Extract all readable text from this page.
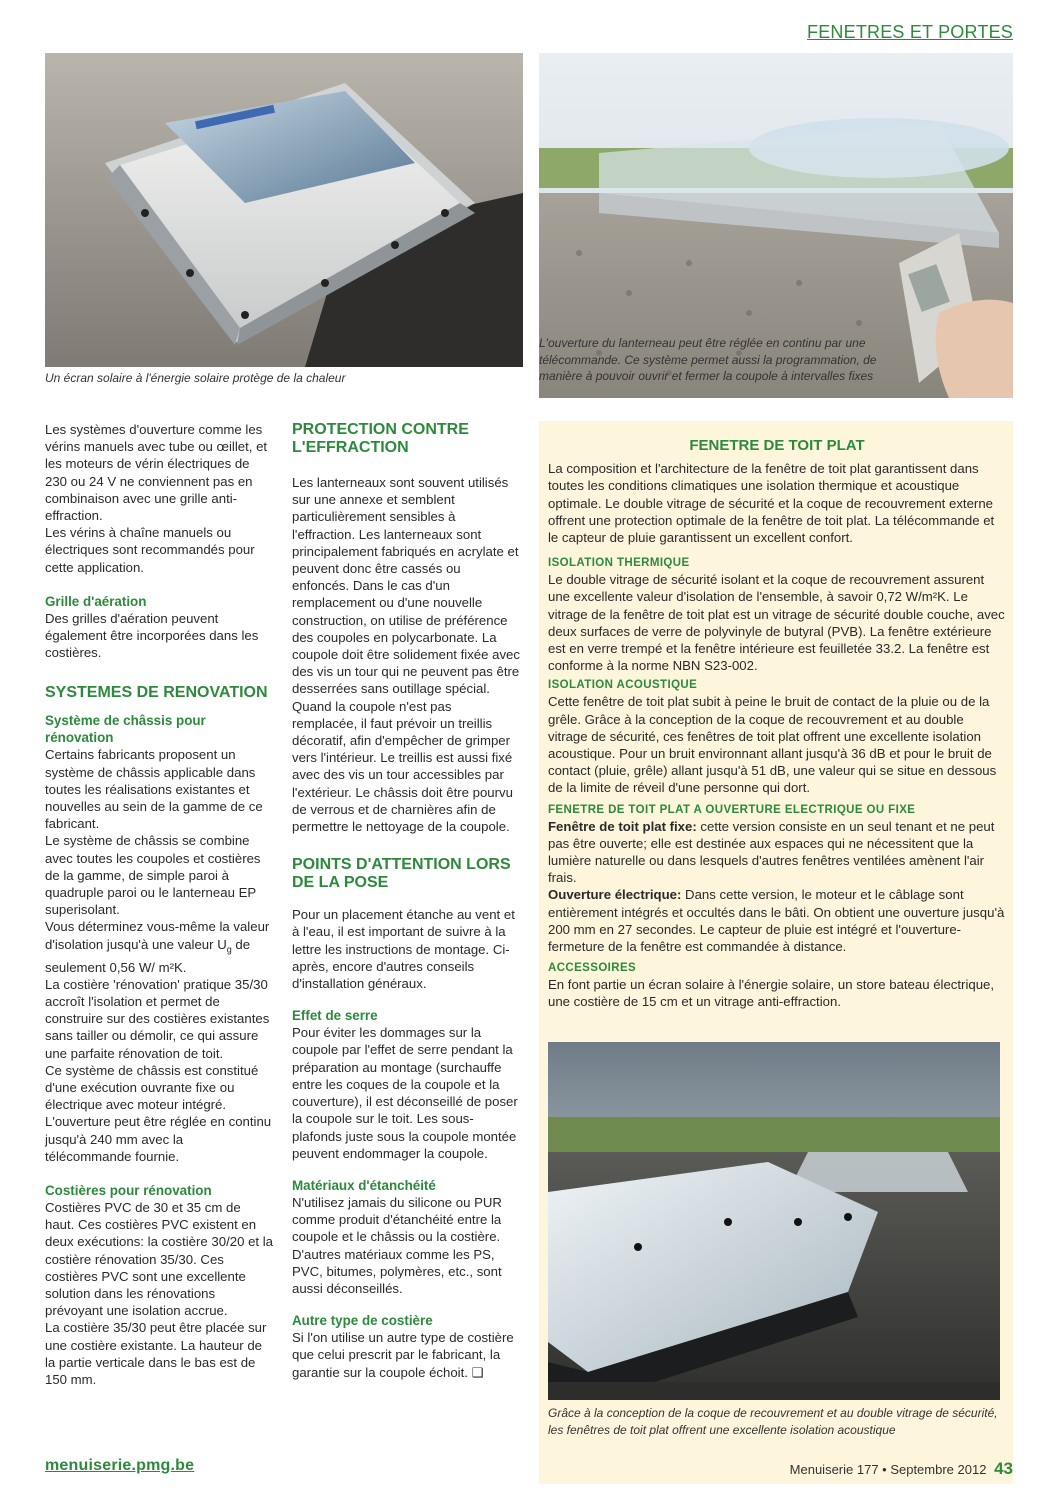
FENETRES ET PORTES
Un écran solaire à l'énergie solaire protège de la chaleur
L'ouverture du lanterneau peut être réglée en continu par une télécommande. Ce système permet aussi la programmation, de manière à pouvoir ouvrir et fermer la coupole à intervalles fixes

Les systèmes d'ouverture comme les vérins manuels avec tube ou œillet, et les moteurs de vérin électriques de 230 ou 24 V ne conviennent pas en combinaison avec une grille anti-effraction.

Les vérins à chaîne manuels ou électriques sont recommandés pour cette application.

Grille d'aération

Des grilles d'aération peuvent également être incorporées dans les costières.

SYSTEMES DE RENOVATION
Système de châssis pour rénovation

Certains fabricants proposent un système de châssis applicable dans toutes les réalisations existantes et nouvelles au sein de la gamme de ce fabricant.

Le système de châssis se combine avec toutes les coupoles et costières de la gamme, de simple paroi à quadruple paroi ou le lanterneau EP superisolant.

Vous déterminez vous-même la valeur d'isolation jusqu'à une valeur $U_g$ de seulement 0,56 W/ m²K.

La costière 'rénovation' pratique 35/30 accroît l'isolation et permet de construire sur des costières existantes sans tailler ou démolir, ce qui assure une parfaite rénovation de toit.

Ce système de châssis est constitué d'une exécution ouvrante fixe ou électrique avec moteur intégré.

L'ouverture peut être réglée en continu jusqu'à 240 mm avec la télécommande fournie.

Costières pour rénovation

Costières PVC de 30 et 35 cm de haut. Ces costières PVC existent en deux exécutions: la costière 30/20 et la costière rénovation 35/30. Ces costières PVC sont une excellente solution dans les rénovations prévoyant une isolation accrue.

La costière 35/30 peut être placée sur une costière existante. La hauteur de la partie verticale dans le bas est de 150 mm.

PROTECTION CONTRE L'EFFRACTION

Les lanterneaux sont souvent utilisés sur une annexe et semblent particulièrement sensibles à l'effraction. Les lanterneaux sont principalement fabriqués en acrylate et peuvent donc être cassés ou enfoncés. Dans le cas d'un remplacement ou d'une nouvelle construction, on utilise de préférence des coupoles en polycarbonate. La coupole doit être solidement fixée avec des vis un tour qui ne peuvent pas être desserrées sans outillage spécial. Quand la coupole n'est pas remplacée, il faut prévoir un treillis décoratif, afin d'empêcher de grimper vers l'intérieur. Le treillis est aussi fixé avec des vis un tour accessibles par l'extérieur. Le châssis doit être pourvu de verrous et de charnières afin de permettre le nettoyage de la coupole.

POINTS D'ATTENTION LORS DE LA POSE

Pour un placement étanche au vent et à l'eau, il est important de suivre à la lettre les instructions de montage. Ci-après, encore d'autres conseils d'installation généraux.

Effet de serre

Pour éviter les dommages sur la coupole par l'effet de serre pendant la préparation au montage (surchauffe entre les coques de la coupole et la couverture), il est déconseillé de poser la coupole sur le toit. Les sous-plafonds juste sous la coupole montée peuvent endommager la coupole.

Matériaux d'étanchéité

N'utilisez jamais du silicone ou PUR comme produit d'étanchéité entre la coupole et le châssis ou la costière. D'autres matériaux comme les PS, PVC, bitumes, polymères, etc., sont aussi déconseillés.

Autre type de costière

Si l'on utilise un autre type de costière que celui prescrit par le fabricant, la garantie sur la coupole échoit. ❑

FENETRE DE TOIT PLAT

La composition et l'architecture de la fenêtre de toit plat garantissent dans toutes les conditions climatiques une isolation thermique et acoustique optimale. Le double vitrage de sécurité et la coque de recouvrement externe offrent une protection optimale de la fenêtre de toit plat. La télécommande et le capteur de pluie garantissent un excellent confort.

ISOLATION THERMIQUE

Le double vitrage de sécurité isolant et la coque de recouvrement assurent une excellente valeur d'isolation de l'ensemble, à savoir 0,72 W/m²K. Le vitrage de la fenêtre de toit plat est un vitrage de sécurité double couche, avec deux surfaces de verre de polyvinyle de butyral (PVB). La fenêtre extérieure est en verre trempé et la fenêtre intérieure est feuilletée 33.2. La fenêtre est conforme à la norme NBN S23-002.

ISOLATION ACOUSTIQUE

Cette fenêtre de toit plat subit à peine le bruit de contact de la pluie ou de la grêle. Grâce à la conception de la coque de recouvrement et au double vitrage de sécurité, ces fenêtres de toit plat offrent une excellente isolation acoustique. Pour un bruit environnant allant jusqu'à 36 dB et pour le bruit de contact (pluie, grêle) allant jusqu'à 51 dB, une valeur qui se situe en dessous de la limite de réveil d'une personne qui dort.

FENETRE DE TOIT PLAT A OUVERTURE ELECTRIQUE OU FIXE

Fenêtre de toit plat fixe: cette version consiste en un seul tenant et ne peut pas être ouverte; elle est destinée aux espaces qui ne nécessitent que la lumière naturelle ou dans lesquels d'autres fenêtres ventilées amènent l'air frais.

Ouverture électrique: Dans cette version, le moteur et le câblage sont entièrement intégrés et occultés dans le bâti. On obtient une ouverture jusqu'à 200 mm en 27 secondes. Le capteur de pluie est intégré et l'ouverture-fermeture de la fenêtre est commandée à distance.

ACCESSOIRES

En font partie un écran solaire à l'énergie solaire, un store bateau électrique, une costière de 15 cm et un vitrage anti-effraction.

Grâce à la conception de la coque de recouvrement et au double vitrage de sécurité, les fenêtres de toit plat offrent une excellente isolation acoustique
menuiserie.pmg.be	Menuiserie 177 • Septembre 2012 43
